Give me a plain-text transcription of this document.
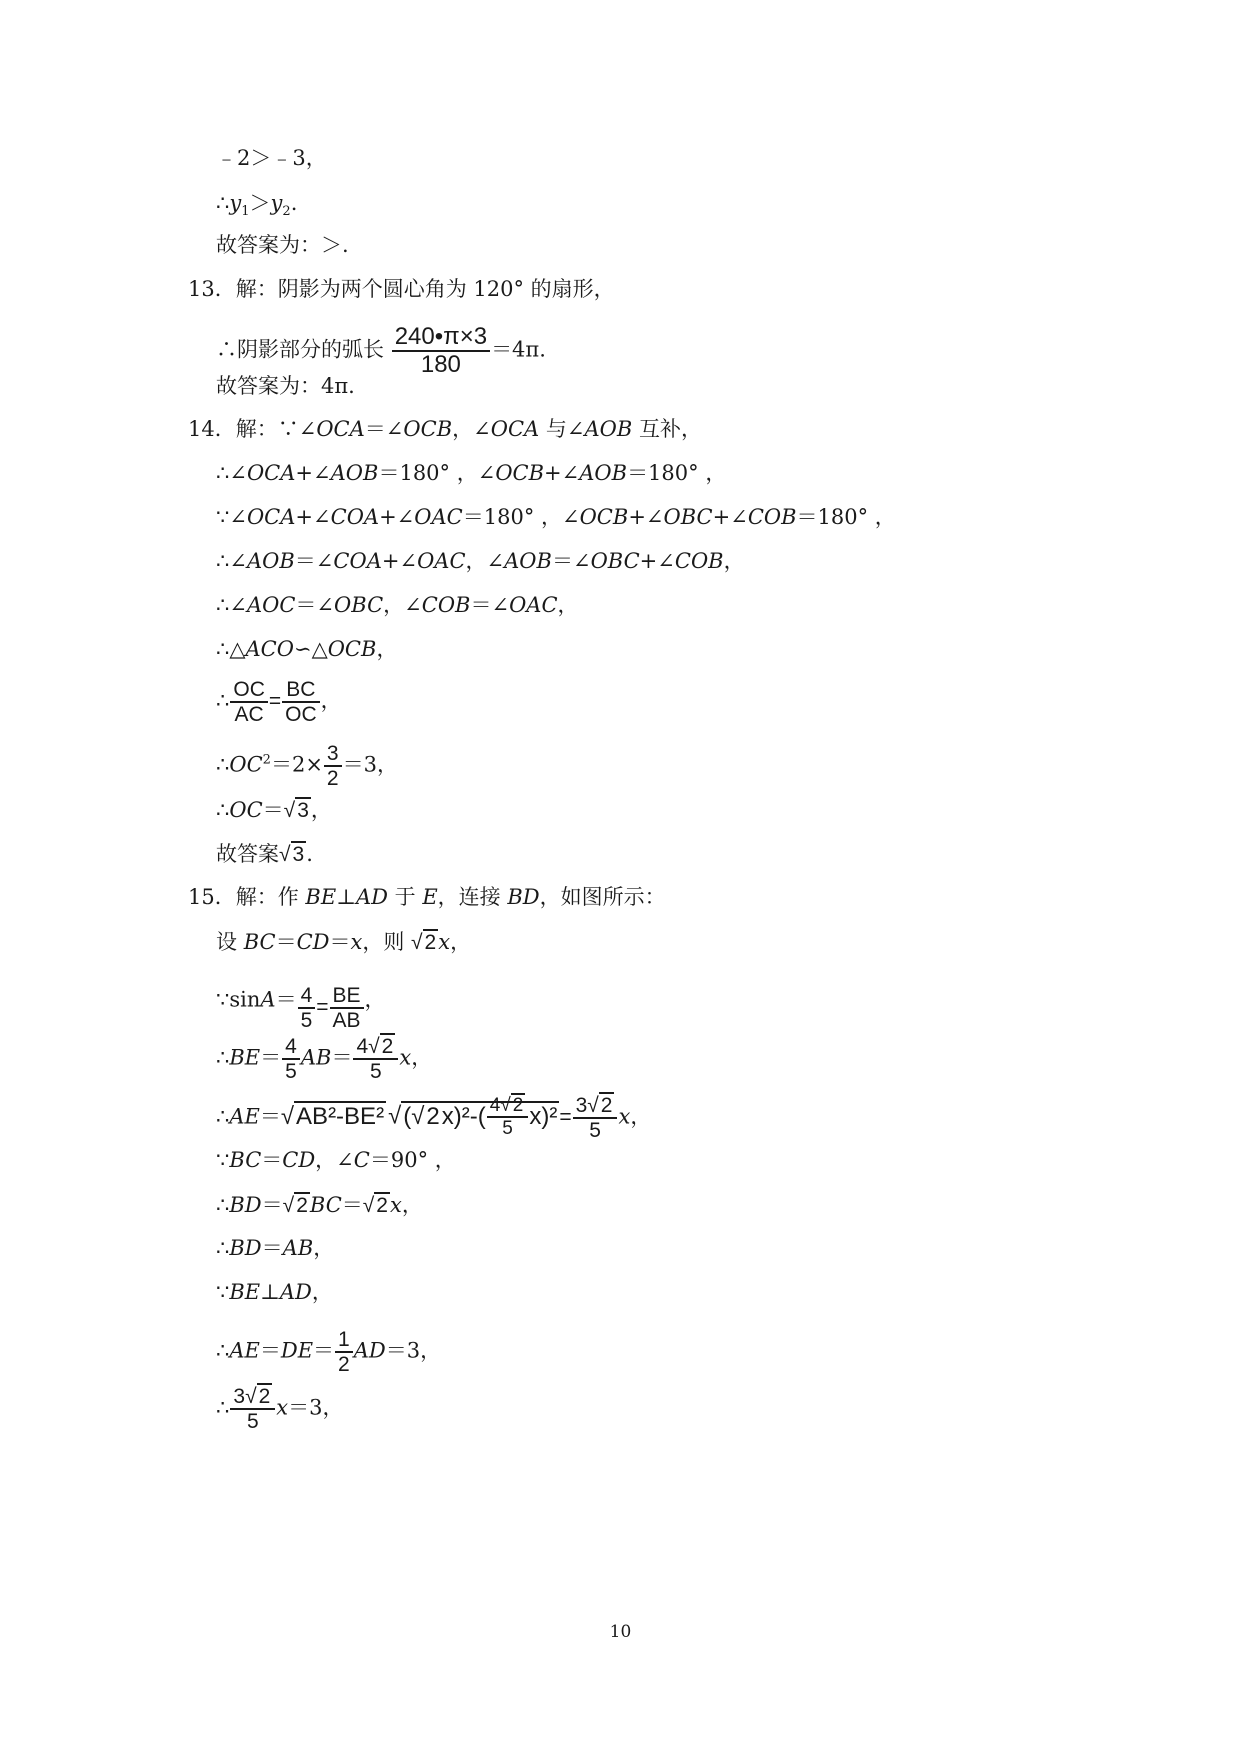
﹣2＞﹣3，
$\therefore y_1>y_2$.
故答案为：＞.
13．解：阴影为两个圆心角为 120° 的扇形，
∴阴影部分的弧长 $\frac{240•\pi\times 3}{180} =4\pi$.
故答案为：4π.
14．解：∵∠OCA＝∠OCB，∠OCA 与∠AOB 互补，
∴∠OCA+∠AOB＝180° ，∠OCB+∠AOB＝180° ，
∵∠OCA+∠COA+∠OAC＝180° ，∠OCB+∠OBC+∠COB＝180° ，
∴∠AOB＝∠COA+∠OAC，∠AOB＝∠OBC+∠COB，
∴∠AOC＝∠OBC，∠COB＝∠OAC，
∴△ACO∽△OCB，
∴ $\frac{OC}{AC} = \frac{BC}{OC}$ ，
$\therefore OC^2=2\times \frac{3}{2} =3$，
∴OC＝√3，
故答案√3.
15．解：作 BE⊥AD 于 E，连接 BD，如图所示：
设 BC＝CD＝x，则 √2x，
∵sinA＝ $\frac{4}{5} = \frac{BE}{AB}$ ，
∴BE＝ $\frac{4}{5} AB= \frac{4√2}{5}$ x，
∴AE＝√AB²-BE² $√(√2x)^2-( \frac{4√ 2}{5} x)^2= \frac{3√2}{5}$ x，
∵BC＝CD，∠C＝90° ，
∴BD＝√2BC＝√2x，
∴BD＝AB，
∵BE⊥AD，
∴AE＝DE＝ $\frac{1}{2} AD=3$，
∴ $\frac{3√2}{5} x=3$，
10
